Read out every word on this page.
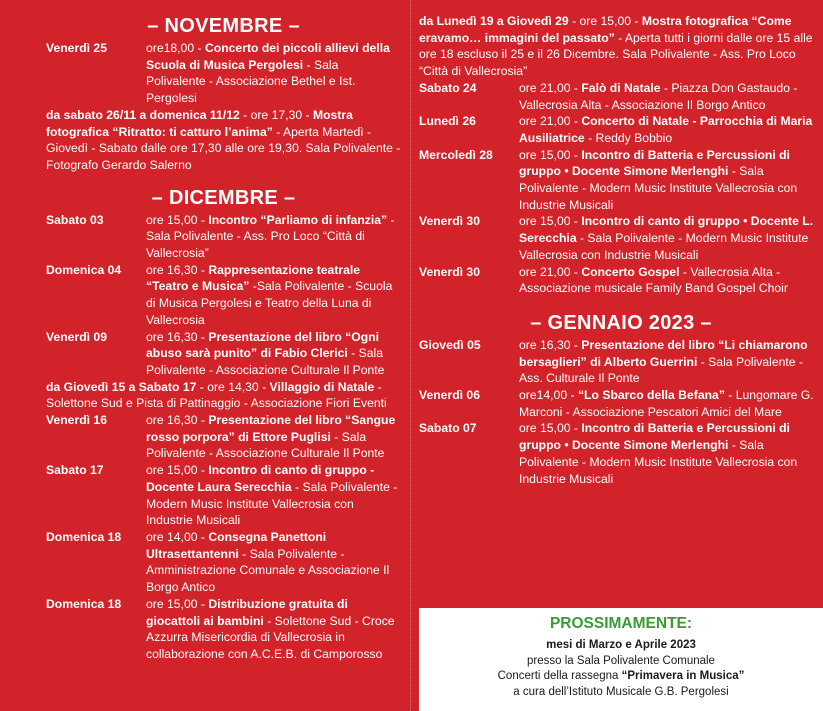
– NOVEMBRE –
Venerdì 25	ore18,00 - Concerto dei piccoli allievi della Scuola di Musica Pergolesi - Sala Polivalente - Associazione Bethel e Ist. Pergolesi
da sabato 26/11 a domenica 11/12 - ore 17,30 - Mostra fotografica “Ritratto: ti catturo l’anima” - Aperta Martedì - Giovedì - Sabato dalle ore 17,30 alle ore 19,30. Sala Polivalente - Fotografo Gerardo Salerno
– DICEMBRE –
Sabato 03	ore 15,00 - Incontro “Parliamo di infanzia” - Sala Polivalente - Ass. Pro Loco “Città di Vallecrosia”
Domenica 04	ore 16,30 - Rappresentazione teatrale “Teatro e Musica” -Sala Polivalente - Scuola di Musica Pergolesi e Teatro della Luna di Vallecrosia
Venerdì 09	ore 16,30 - Presentazione del libro “Ogni abuso sarà punito” di Fabio Clerici - Sala Polivalente - Associazione Culturale Il Ponte
da Giovedì 15 a Sabato 17 - ore 14,30 - Villaggio di Natale - Solettone Sud e Pista di Pattinaggio - Associazione Fiori Eventi
Venerdì 16	ore 16,30 - Presentazione del libro “Sangue rosso porpora” di Ettore Puglisi - Sala Polivalente - Associazione Culturale Il Ponte
Sabato 17	ore 15,00 - Incontro di canto di gruppo - Docente Laura Serecchia - Sala Polivalente - Modern Music Institute Vallecrosia con Industrie Musicali
Domenica 18	ore 14,00 - Consegna Panettoni Ultrasettantenni - Sala Polivalente - Amministrazione Comunale e Associazione Il Borgo Antico
Domenica 18	ore 15,00 - Distribuzione gratuita di giocattoli ai bambini - Solettone Sud - Croce Azzurra Misericordia di Vallecrosia in collaborazione con A.C.E.B. di Camporosso
da Lunedì 19 a Giovedì 29 - ore 15,00 - Mostra fotografica “Come eravamo… immagini del passato” - Aperta tutti i giorni dalle ore 15 alle ore 18 escluso il 25 e il 26 Dicembre. Sala Polivalente - Ass. Pro Loco “Città di Vallecrosia”
Sabato 24	ore 21,00 - Falò di Natale - Piazza Don Gastaudo - Vallecrosia Alta - Associazione Il Borgo Antico
Lunedì 26	ore 21,00 - Concerto di Natale - Parrocchia di Maria Ausiliatrice - Reddy Bobbio
Mercoledì 28	ore 15,00 - Incontro di Batteria e Percussioni di gruppo • Docente Simone Merlenghi - Sala Polivalente - Modern Music Institute Vallecrosia con Industrie Musicali
Venerdì 30	ore 15,00 - Incontro di canto di gruppo • Docente L. Serecchia - Sala Polivalente - Modern Music Institute Vallecrosia con Industrie Musicali
Venerdì 30	ore 21,00 - Concerto Gospel - Vallecrosia Alta - Associazione musicale Family Band Gospel Choir
– GENNAIO 2023 –
Giovedì 05	ore 16,30 - Presentazione del libro “Li chiamarono bersaglieri” di Alberto Guerrini - Sala Polivalente - Ass. Culturale Il Ponte
Venerdì 06	ore14,00 - “Lo Sbarco della Befana” - Lungomare G. Marconi - Associazione Pescatori Amici del Mare
Sabato 07	ore 15,00 - Incontro di Batteria e Percussioni di gruppo • Docente Simone Merlenghi - Sala Polivalente - Modern Music Institute Vallecrosia con Industrie Musicali
PROSSIMAMENTE:
mesi di Marzo e Aprile 2023
presso la Sala Polivalente Comunale
Concerti della rassegna “Primavera in Musica”
a cura dell’Istituto Musicale G.B. Pergolesi
